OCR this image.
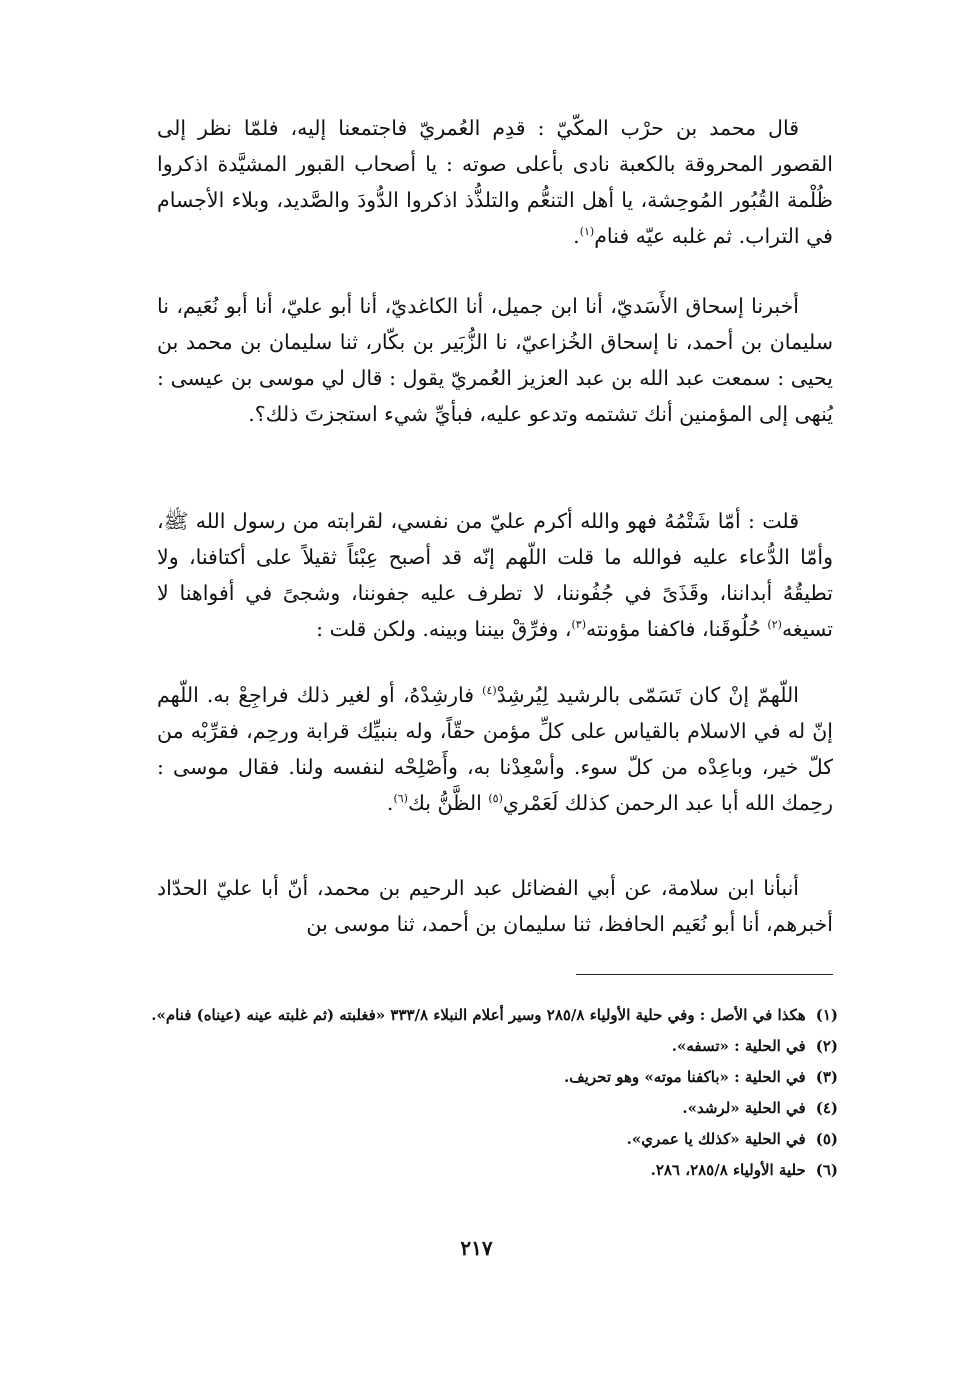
قال محمد بن حرْب المكّيّ : قدِم العُمريّ فاجتمعنا إليه، فلمّا نظر إلى القصور المحروقة بالكعبة نادى بأعلى صوته : يا أصحاب القبور المشيَّدة اذكروا ظُلْمة القُبُور المُوحِشة، يا أهل التنعُّم والتلذُّذ اذكروا الدُّودَ والصَّديد، وبلاء الأجسام في التراب. ثم غلبه عيّه فنام$^{(١)}$.

أخبرنا إسحاق الأَسَديّ، أنا ابن جميل، أنا الكاغديّ، أنا أبو عليّ، أنا أبو نُعَيم، نا سليمان بن أحمد، نا إسحاق الخُزاعيّ، نا الزُّبَير بن بكّار، ثنا سليمان بن محمد بن يحيى : سمعت عبد الله بن عبد العزيز العُمريّ يقول : قال لي موسى بن عيسى : يُنهى إلى المؤمنين أنك تشتمه وتدعو عليه، فبأيِّ شيء استجزتَ ذلك؟.

قلت : أمّا شَتْمُهُ فهو والله أكرم عليّ من نفسي، لقرابته من رسول الله ﷺ، وأمّا الدُّعاء عليه فوالله ما قلت اللّهم إنّه قد أصبح عِبْئاً ثقيلاً على أكتافنا، ولا تطيقُهُ أبداننا، وقَذَىً في جُفُوننا، لا تطرف عليه جفوننا، وشجىً في أفواهنا لا تسيغه$^{(٢)}$ حُلُوقَنا، فاكفنا مؤونته$^{(٣)}$، وفرِّقْ بيننا وبينه. ولكن قلت :

اللّهمّ إنْ كان تَسَمّى بالرشيد لِيُرشِدْ$^{(٤)}$ فارشِدْهُ، أو لغير ذلك فراجِعْ به. اللّهم إنّ له في الاسلام بالقياس على كلِّ مؤمن حقّاً، وله بنبيِّك قرابة ورحِم، فقرِّبْه من كلّ خير، وباعِدْه من كلّ سوء. وأسْعِدْنا به، وأَصْلِحْه لنفسه ولنا. فقال موسى : رحِمك الله أبا عبد الرحمن كذلك لَعَمْري$^{(٥)}$ الظَّنُّ بك$^{(٦)}$.

أنبأنا ابن سلامة، عن أبي الفضائل عبد الرحيم بن محمد، أنّ أبا عليّ الحدّاد أخبرهم، أنا أبو نُعَيم الحافظ، ثنا سليمان بن أحمد، ثنا موسى بن

(١)
هكذا في الأصل : وفي حلية الأولياء ٢٨٥/٨ وسير أعلام النبلاء ٣٣٣/٨ «فغلبته (ثم غلبته عينه (عيناه) فنام».
(٢)
في الحلية : «تسفه».
(٣)
في الحلية : «باكفنا موته» وهو تحريف.
(٤)
في الحلية «لرشد».
(٥)
في الحلية «كذلك يا عمري».
(٦)
حلية الأولياء ٢٨٥/٨، ٢٨٦.
٢١٧
